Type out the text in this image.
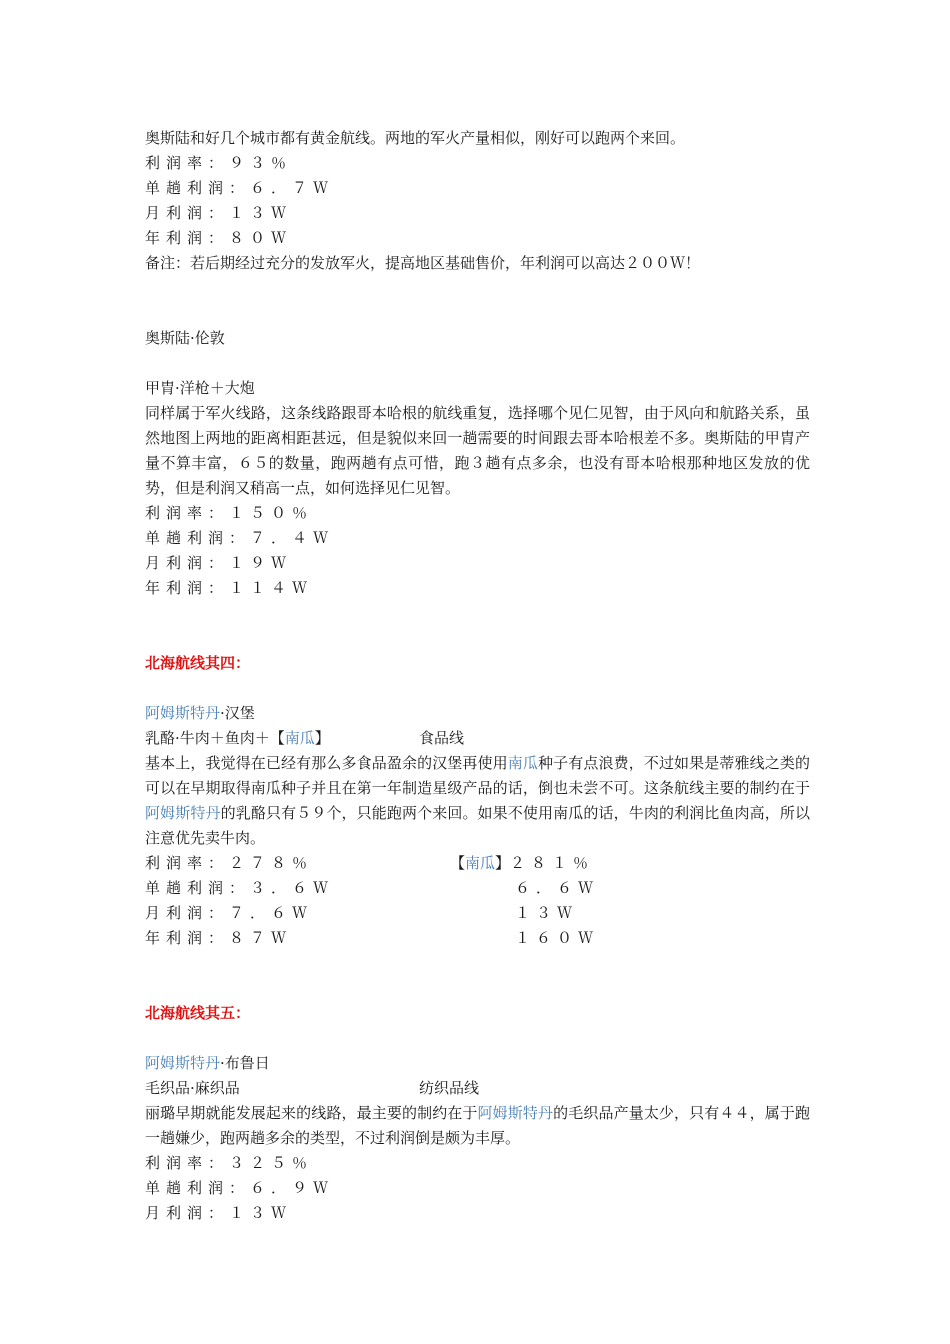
奥斯陆和好几个城市都有黄金航线。两地的军火产量相似，刚好可以跑两个来回。
利润率：９３％
单趟利润：６．７Ｗ
月利润：１３Ｗ
年利润：８０Ｗ
备注：若后期经过充分的发放军火，提高地区基础售价，年利润可以高达２００Ｗ！
奥斯陆·伦敦
甲胄·洋枪＋大炮
同样属于军火线路，这条线路跟哥本哈根的航线重复，选择哪个见仁见智，由于风向和航路关系，虽然地图上两地的距离相距甚远，但是貌似来回一趟需要的时间跟去哥本哈根差不多。奥斯陆的甲胄产量不算丰富，６５的数量，跑两趟有点可惜，跑３趟有点多余，也没有哥本哈根那种地区发放的优势，但是利润又稍高一点，如何选择见仁见智。
利润率：１５０％
单趟利润：７．４Ｗ
月利润：１９Ｗ
年利润：１１４Ｗ
北海航线其四：
阿姆斯特丹·汉堡
乳酪·牛肉＋鱼肉＋【南瓜】	食品线
基本上，我觉得在已经有那么多食品盈余的汉堡再使用南瓜种子有点浪费，不过如果是蒂雅线之类的可以在早期取得南瓜种子并且在第一年制造星级产品的话，倒也未尝不可。这条航线主要的制约在于阿姆斯特丹的乳酪只有５９个，只能跑两个来回。如果不使用南瓜的话，牛肉的利润比鱼肉高，所以注意优先卖牛肉。
利润率：２７８％	【南瓜】２８１％
单趟利润：３．６Ｗ	６．６Ｗ
月利润：７．６Ｗ	１３Ｗ
年利润：８７Ｗ	１６０Ｗ
北海航线其五：
阿姆斯特丹·布鲁日
毛织品·麻织品	纺织品线
丽璐早期就能发展起来的线路，最主要的制约在于阿姆斯特丹的毛织品产量太少，只有４４，属于跑一趟嫌少，跑两趟多余的类型，不过利润倒是颇为丰厚。
利润率：３２５％
单趟利润：６．９Ｗ
月利润：１３Ｗ
